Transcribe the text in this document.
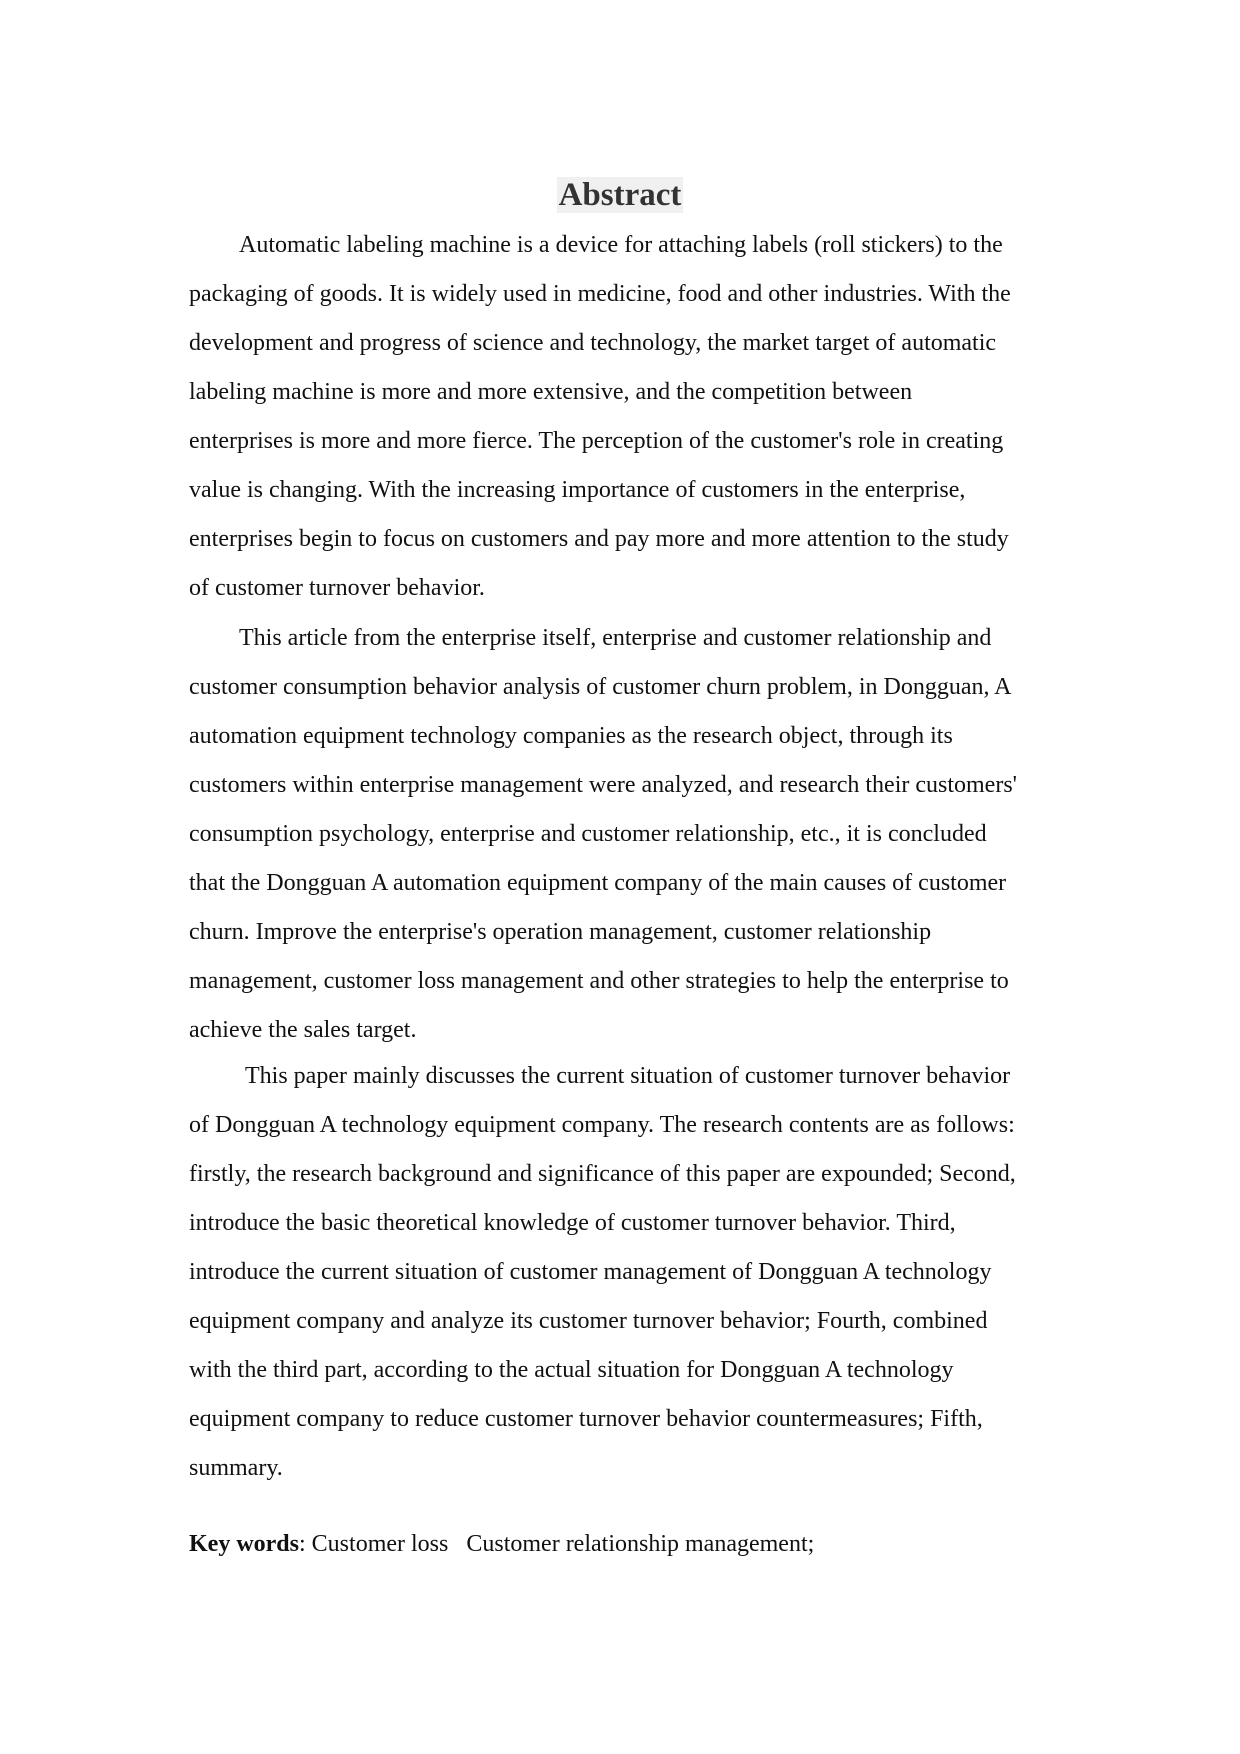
Abstract

Automatic labeling machine is a device for attaching labels (roll stickers) to the
packaging of goods. It is widely used in medicine, food and other industries. With the
development and progress of science and technology, the market target of automatic
labeling machine is more and more extensive, and the competition between
enterprises is more and more fierce. The perception of the customer's role in creating
value is changing. With the increasing importance of customers in the enterprise,
enterprises begin to focus on customers and pay more and more attention to the study
of customer turnover behavior.

This article from the enterprise itself, enterprise and customer relationship and
customer consumption behavior analysis of customer churn problem, in Dongguan, A
automation equipment technology companies as the research object, through its
customers within enterprise management were analyzed, and research their customers'
consumption psychology, enterprise and customer relationship, etc., it is concluded
that the Dongguan A automation equipment company of the main causes of customer
churn. Improve the enterprise's operation management, customer relationship
management, customer loss management and other strategies to help the enterprise to
achieve the sales target.

This paper mainly discusses the current situation of customer turnover behavior
of Dongguan A technology equipment company. The research contents are as follows:
firstly, the research background and significance of this paper are expounded; Second,
introduce the basic theoretical knowledge of customer turnover behavior. Third,
introduce the current situation of customer management of Dongguan A technology
equipment company and analyze its customer turnover behavior; Fourth, combined
with the third part, according to the actual situation for Dongguan A technology
equipment company to reduce customer turnover behavior countermeasures; Fifth,
summary.

Key words: Customer loss Customer relationship management;
